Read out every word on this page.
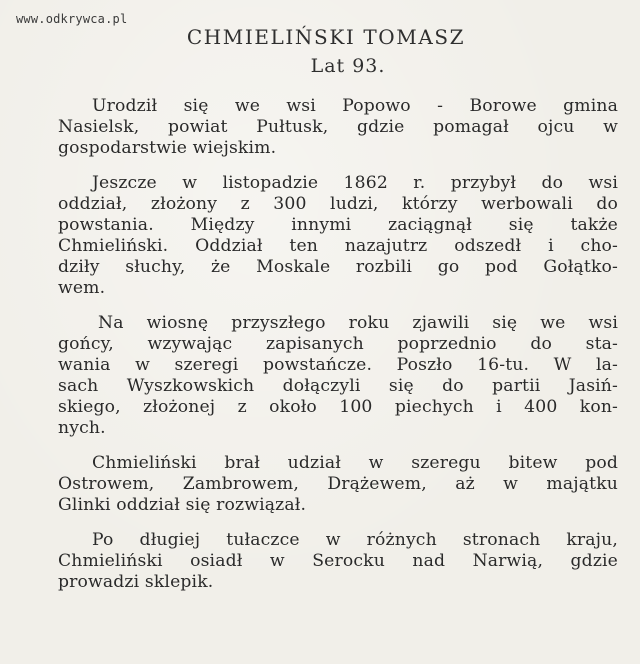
www.odkrywca.pl
CHMIELIŃSKI TOMASZ
Lat 93.
Urodził się we wsi Popowo - Borowe gmina
Nasielsk, powiat Pułtusk, gdzie pomagał ojcu w
gospodarstwie wiejskim.
Jeszcze w listopadzie 1862 r. przybył do wsi
oddział, złożony z 300 ludzi, którzy werbowali do
powstania. Między innymi zaciągnął się także
Chmieliński. Oddział ten nazajutrz odszedł i cho-
dziły słuchy, że Moskale rozbili go pod Gołątko-
wem.
Na wiosnę przyszłego roku zjawili się we wsi
gońcy, wzywając zapisanych poprzednio do sta-
wania w szeregi powstańcze. Poszło 16-tu. W la-
sach Wyszkowskich dołączyli się do partii Jasiń-
skiego, złożonej z około 100 piechych i 400 kon-
nych.
Chmieliński brał udział w szeregu bitew pod
Ostrowem, Zambrowem, Drążewem, aż w majątku
Glinki oddział się rozwiązał.
Po długiej tułaczce w różnych stronach kraju,
Chmieliński osiadł w Serocku nad Narwią, gdzie
prowadzi sklepik.
